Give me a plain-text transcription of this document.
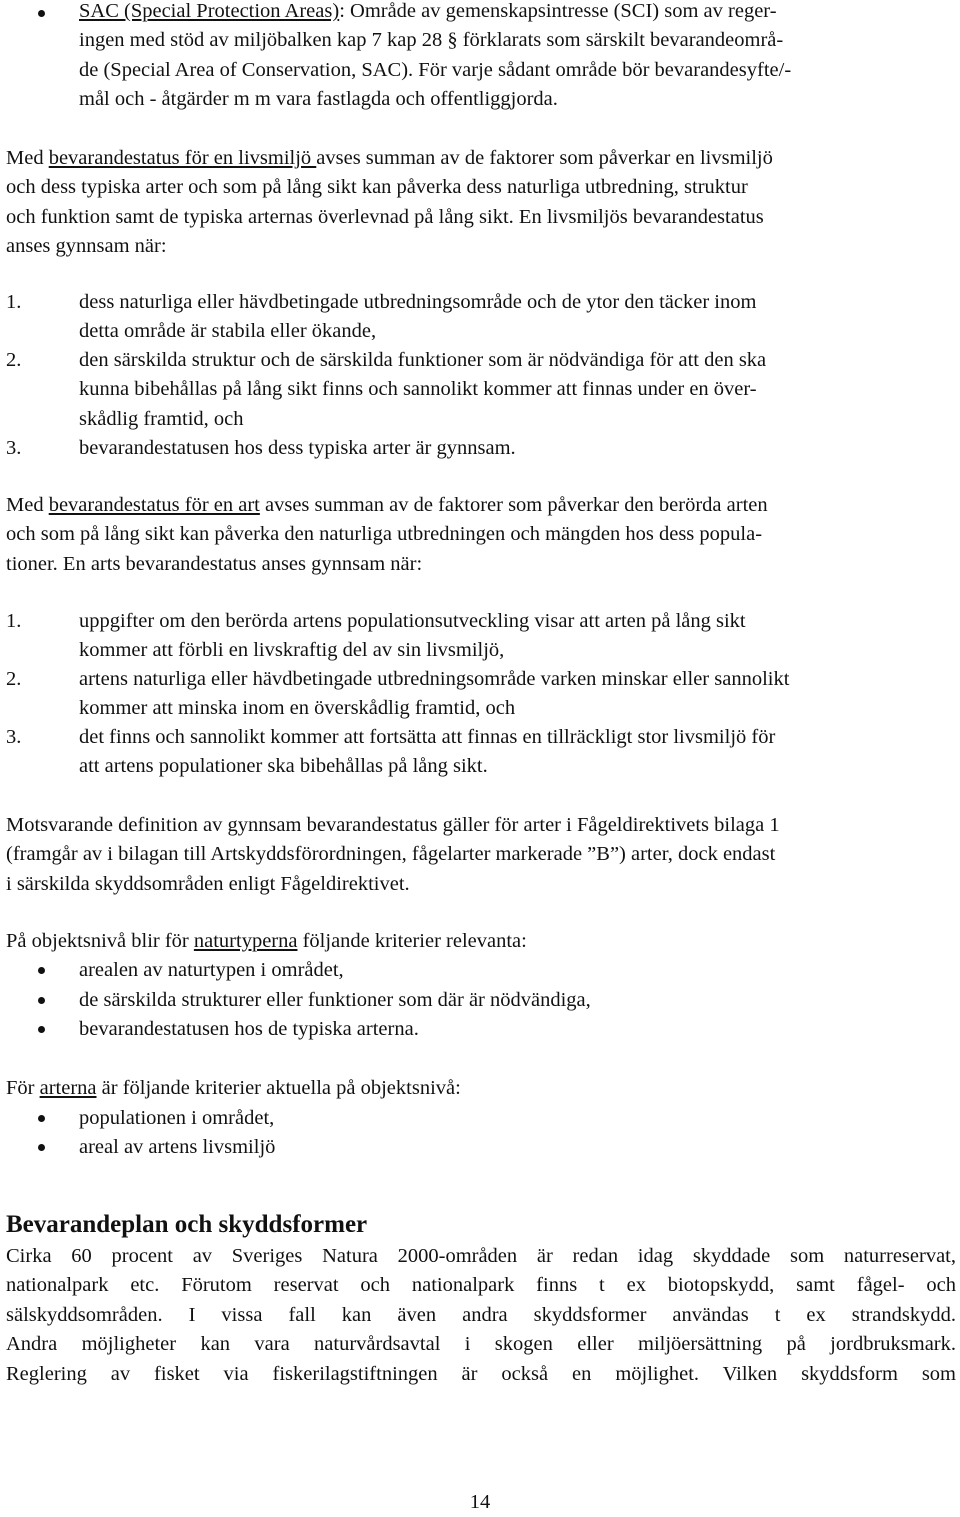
SAC (Special Protection Areas): Område av gemenskapsintresse (SCI) som av reger-
ingen med stöd av miljöbalken kap 7 kap 28 § förklarats som särskilt bevarandeområ-
de (Special Area of Conservation, SAC). För varje sådant område bör bevarandesyfte/-
mål och - åtgärder m m vara fastlagda och offentliggjorda.
Med bevarandestatus för en livsmiljö avses summan av de faktorer som påverkar en livsmiljö
och dess typiska arter och som på lång sikt kan påverka dess naturliga utbredning, struktur
och funktion samt de typiska arternas överlevnad på lång sikt. En livsmiljös bevarandestatus
anses gynnsam när:
1.	dess naturliga eller hävdbetingade utbredningsområde och de ytor den täcker inom
detta område är stabila eller ökande,
2.	den särskilda struktur och de särskilda funktioner som är nödvändiga för att den ska
kunna bibehållas på lång sikt finns och sannolikt kommer att finnas under en över-
skådlig framtid, och
3.	bevarandestatusen hos dess typiska arter är gynnsam.
Med bevarandestatus för en art avses summan av de faktorer som påverkar den berörda arten
och som på lång sikt kan påverka den naturliga utbredningen och mängden hos dess popula-
tioner. En arts bevarandestatus anses gynnsam när:
1.	uppgifter om den berörda artens populationsutveckling visar att arten på lång sikt
kommer att förbli en livskraftig del av sin livsmiljö,
2.	artens naturliga eller hävdbetingade utbredningsområde varken minskar eller sannolikt
kommer att minska inom en överskådlig framtid, och
3.	det finns och sannolikt kommer att fortsätta att finnas en tillräckligt stor livsmiljö för
att artens populationer ska bibehållas på lång sikt.
Motsvarande definition av gynnsam bevarandestatus gäller för arter i Fågeldirektivets bilaga 1
(framgår av i bilagan till Artskyddsförordningen, fågelarter markerade ”B”) arter, dock endast
i särskilda skyddsområden enligt Fågeldirektivet.
På objektsnivå blir för naturtyperna följande kriterier relevanta:
arealen av naturtypen i området,
de särskilda strukturer eller funktioner som där är nödvändiga,
bevarandestatusen hos de typiska arterna.
För arterna är följande kriterier aktuella på objektsnivå:
populationen i området,
areal av artens livsmiljö
Bevarandeplan och skyddsformer
Cirka 60 procent av Sveriges Natura 2000-områden är redan idag skyddade som naturreservat,
nationalpark etc. Förutom reservat och nationalpark finns t ex biotopskydd, samt fågel- och
sälskyddsområden. I vissa fall kan även andra skyddsformer användas t ex strandskydd.
Andra möjligheter kan vara naturvårdsavtal i skogen eller miljöersättning på jordbruksmark.
Reglering av fisket via fiskerilagstiftningen är också en möjlighet. Vilken skyddsform som
14
